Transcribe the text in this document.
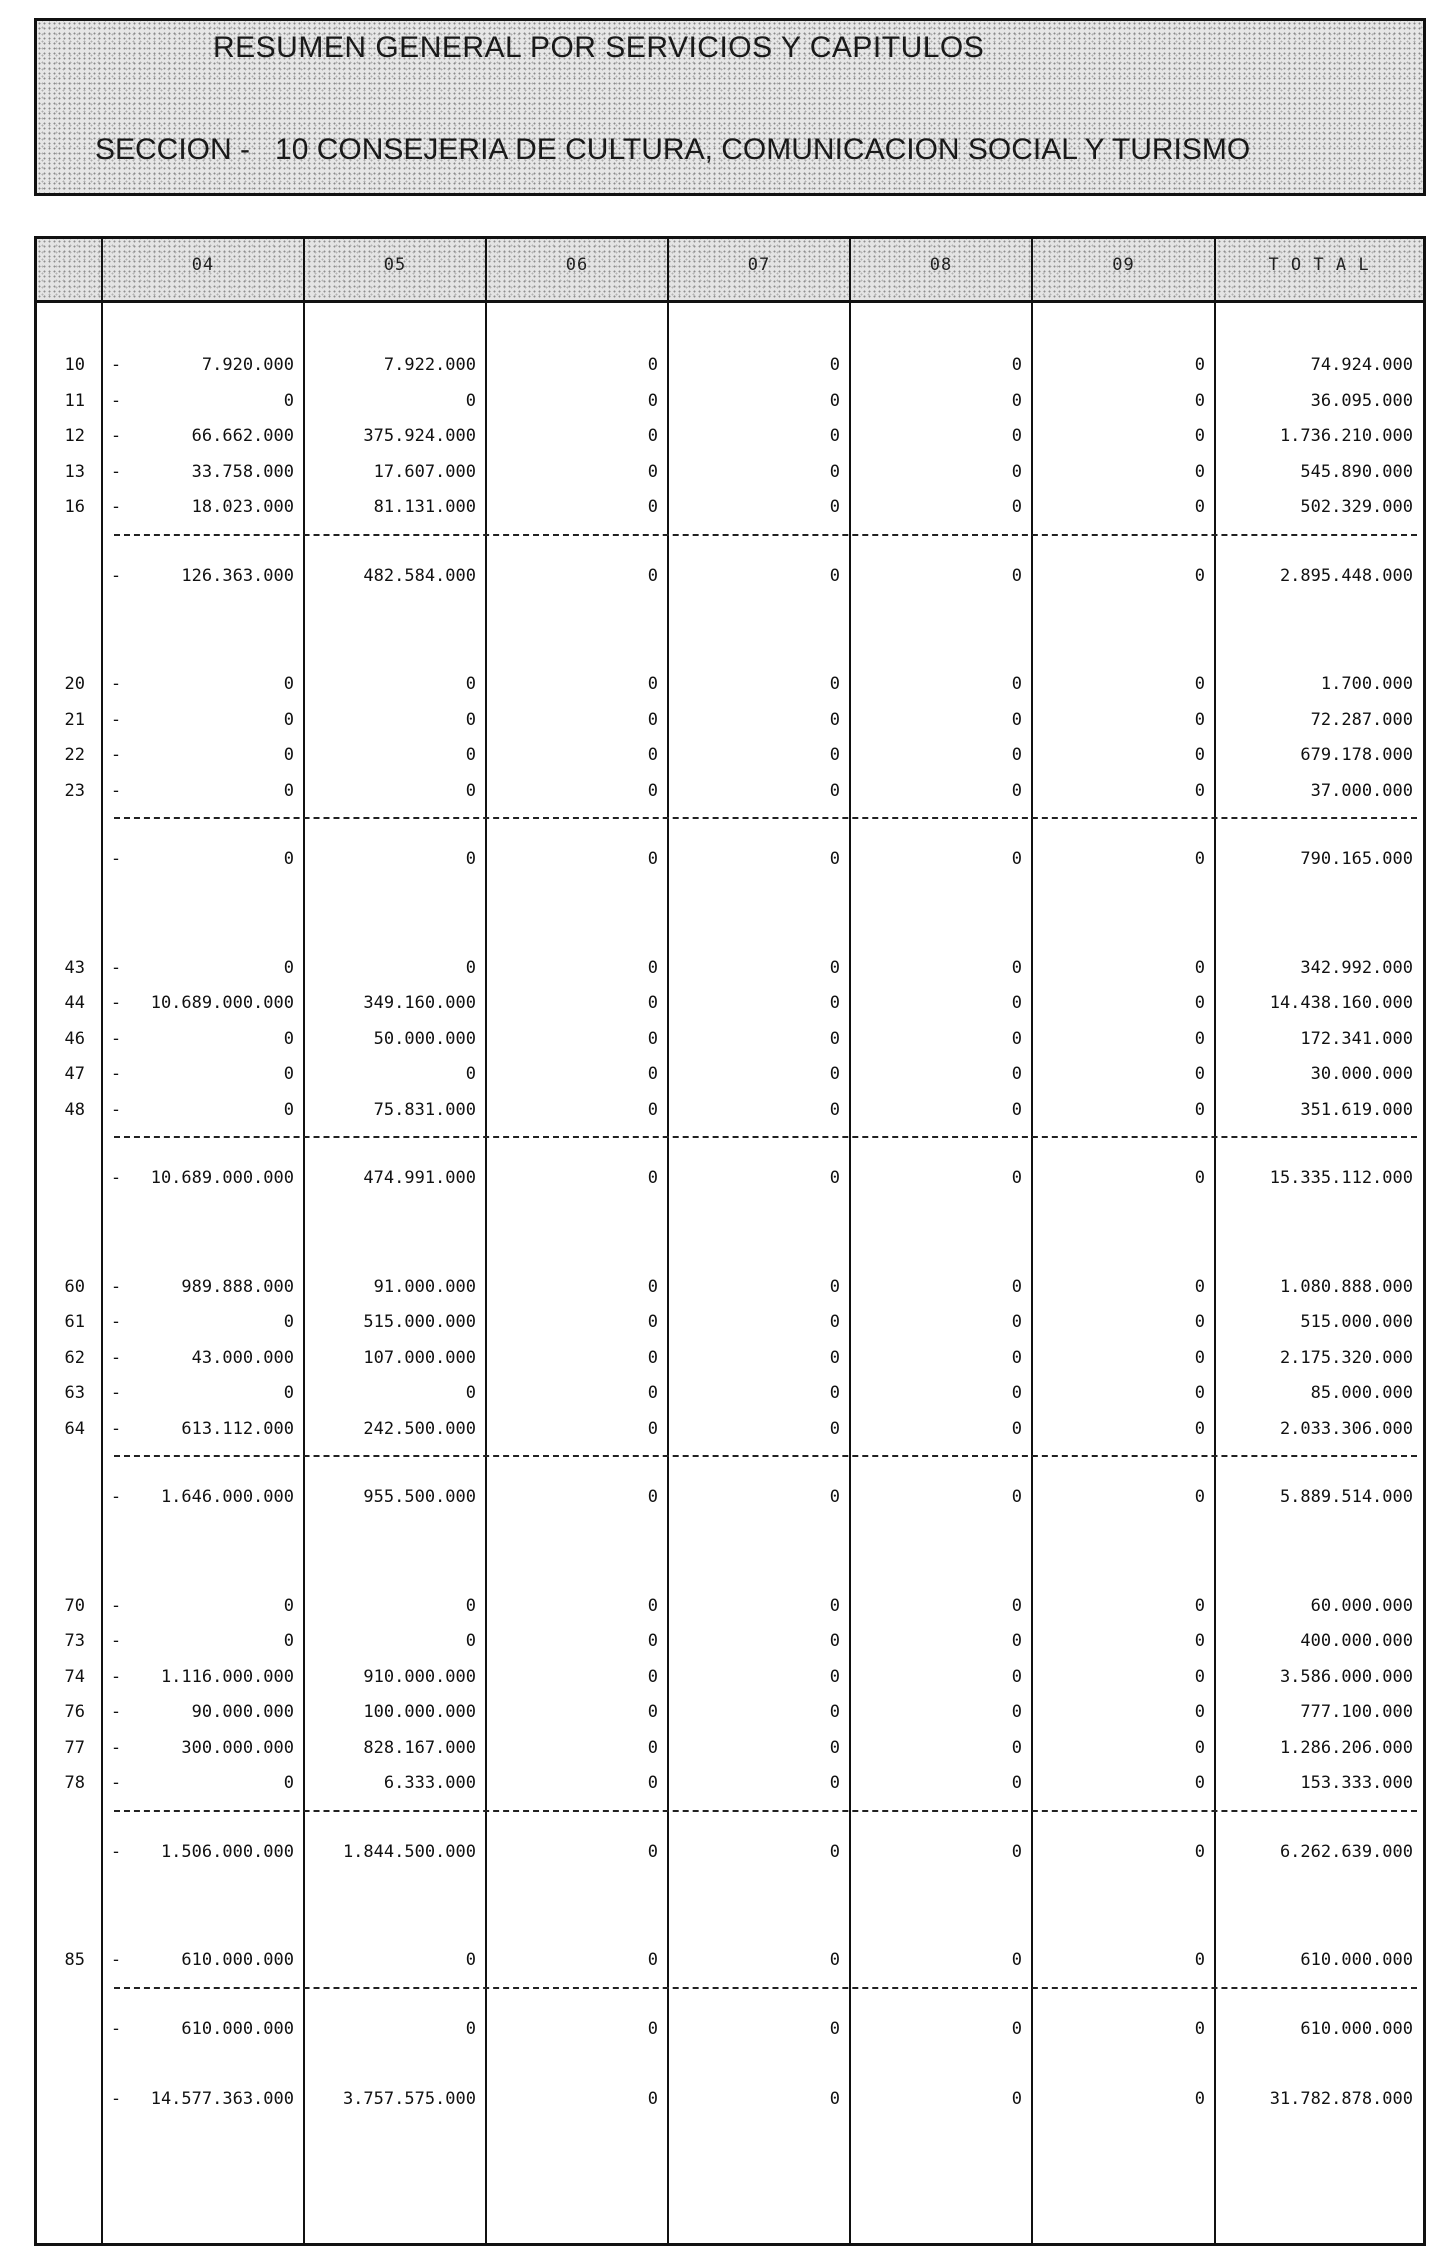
RESUMEN GENERAL POR SERVICIOS Y CAPITULOS
SECCION - 10 CONSEJERIA DE CULTURA, COMUNICACION SOCIAL Y TURISMO
04	05	06	07	08	09	T O T A L
10 -	7.920.000	7.922.000	0	0	0	0	74.924.000
11 -	0	0	0	0	0	0	36.095.000
12 -	66.662.000	375.924.000	0	0	0	0	1.736.210.000
13 -	33.758.000	17.607.000	0	0	0	0	545.890.000
16 -	18.023.000	81.131.000	0	0	0	0	502.329.000
-	126.363.000	482.584.000	0	0	0	0	2.895.448.000
20 -	0	0	0	0	0	0	1.700.000
21 -	0	0	0	0	0	0	72.287.000
22 -	0	0	0	0	0	0	679.178.000
23 -	0	0	0	0	0	0	37.000.000
-	0	0	0	0	0	0	790.165.000
43 -	0	0	0	0	0	0	342.992.000
44 -	10.689.000.000	349.160.000	0	0	0	0	14.438.160.000
46 -	0	50.000.000	0	0	0	0	172.341.000
47 -	0	0	0	0	0	0	30.000.000
48 -	0	75.831.000	0	0	0	0	351.619.000
-	10.689.000.000	474.991.000	0	0	0	0	15.335.112.000
60 -	989.888.000	91.000.000	0	0	0	0	1.080.888.000
61 -	0	515.000.000	0	0	0	0	515.000.000
62 -	43.000.000	107.000.000	0	0	0	0	2.175.320.000
63 -	0	0	0	0	0	0	85.000.000
64 -	613.112.000	242.500.000	0	0	0	0	2.033.306.000
-	1.646.000.000	955.500.000	0	0	0	0	5.889.514.000
70 -	0	0	0	0	0	0	60.000.000
73 -	0	0	0	0	0	0	400.000.000
74 -	1.116.000.000	910.000.000	0	0	0	0	3.586.000.000
76 -	90.000.000	100.000.000	0	0	0	0	777.100.000
77 -	300.000.000	828.167.000	0	0	0	0	1.286.206.000
78 -	0	6.333.000	0	0	0	0	153.333.000
-	1.506.000.000	1.844.500.000	0	0	0	0	6.262.639.000
85 -	610.000.000	0	0	0	0	0	610.000.000
-	610.000.000	0	0	0	0	0	610.000.000
-	14.577.363.000	3.757.575.000	0	0	0	0	31.782.878.000
